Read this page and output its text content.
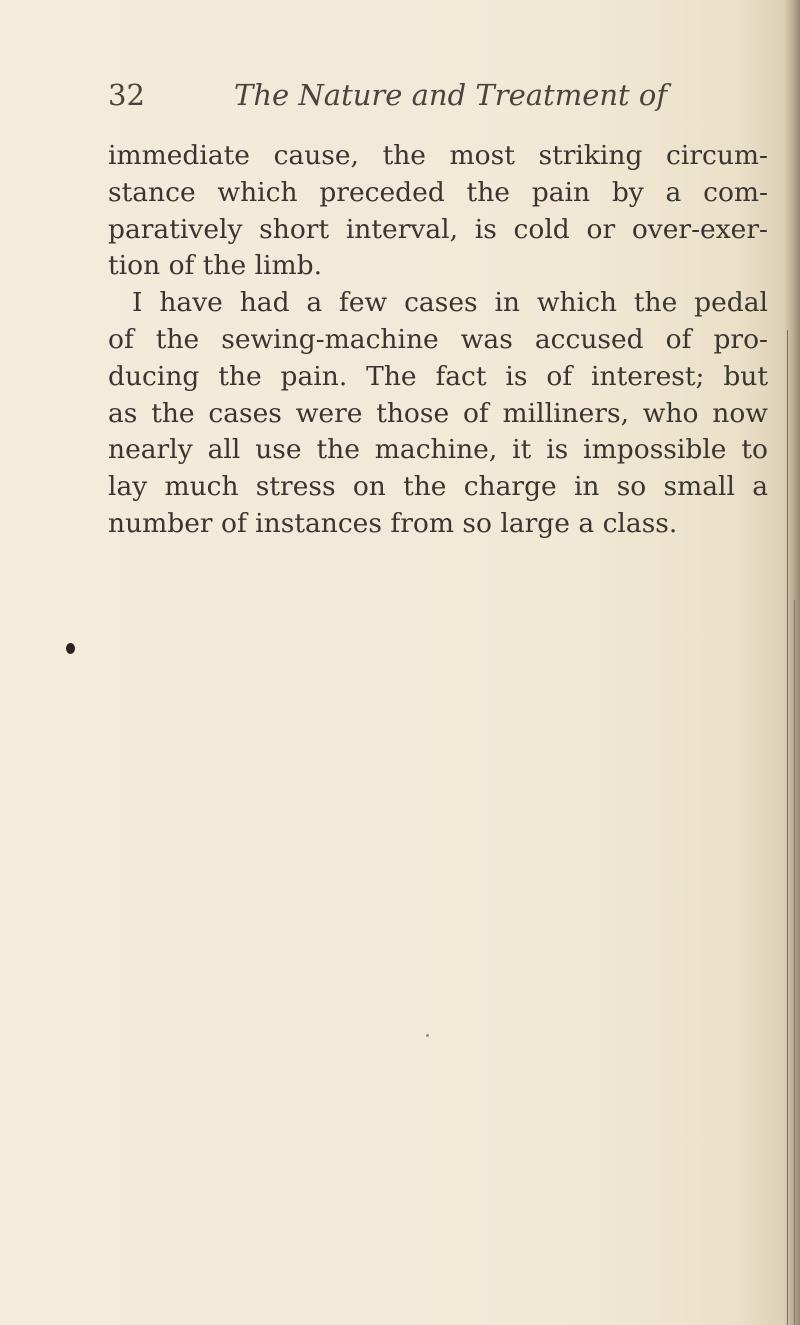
32	The Nature and Treatment of
immediate cause, the most striking circum-
stance which preceded the pain by a com-
paratively short interval, is cold or over-exer-
tion of the limb.
I have had a few cases in which the pedal
of the sewing-machine was accused of pro-
ducing the pain. The fact is of interest; but
as the cases were those of milliners, who now
nearly all use the machine, it is impossible to
lay much stress on the charge in so small a
number of instances from so large a class.
